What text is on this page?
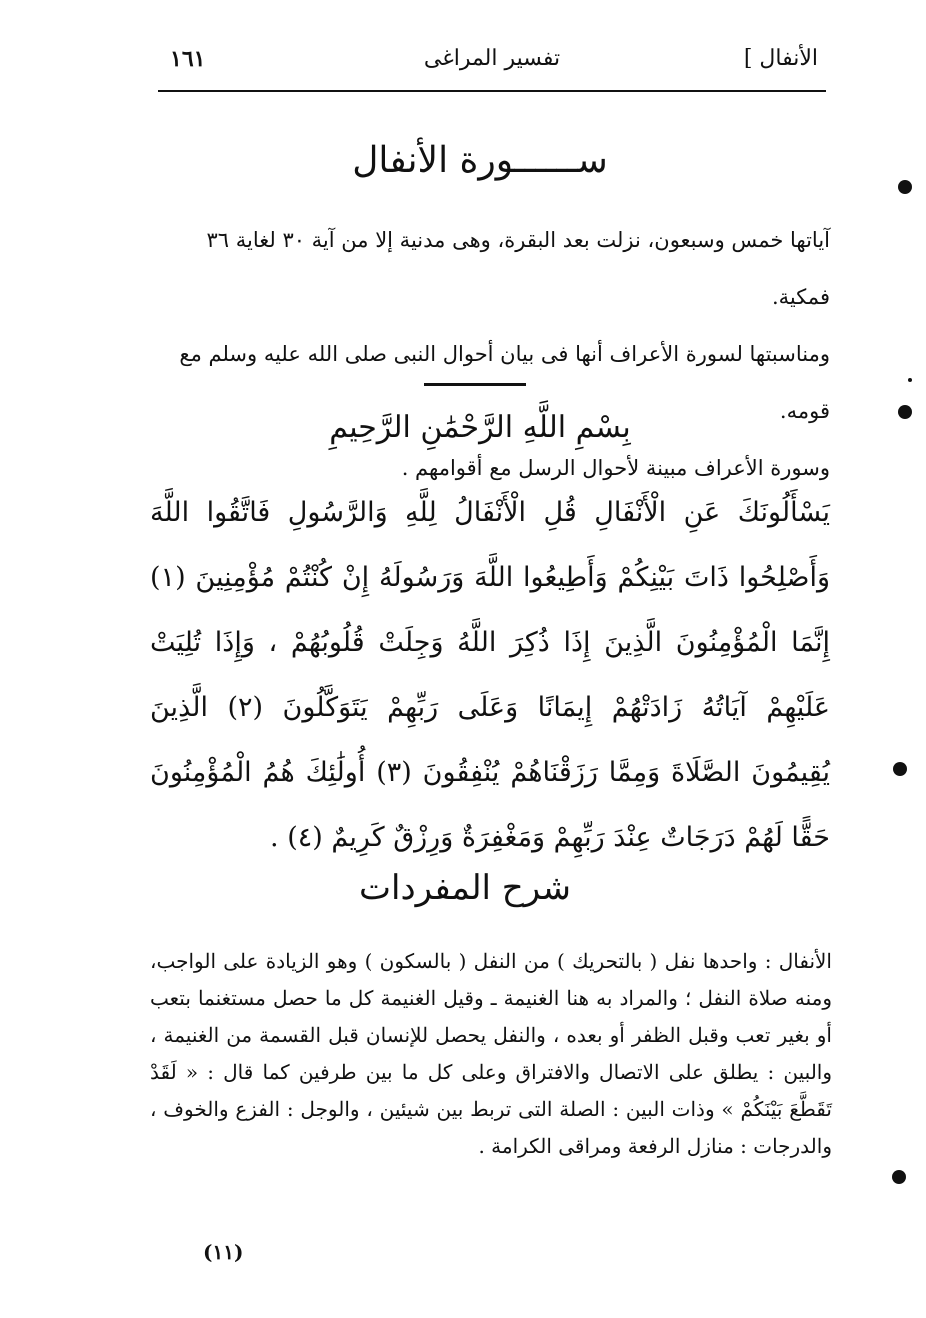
الأنفال ]
تفسير المراغى
١٦١
ســــــورة الأنفال
آياتها خمس وسبعون، نزلت بعد البقرة، وهى مدنية إلا من آية ٣٠ لغاية ٣٦ فمكية.
ومناسبتها لسورة الأعراف أنها فى بيان أحوال النبى صلى الله عليه وسلم مع قومه.
وسورة الأعراف مبينة لأحوال الرسل مع أقوامهم .
بِسْمِ اللَّهِ الرَّحْمَٰنِ الرَّحِيمِ
يَسْأَلُونَكَ عَنِ الْأَنْفَالِ قُلِ الْأَنْفَالُ لِلَّهِ وَالرَّسُولِ فَاتَّقُوا اللَّهَ وَأَصْلِحُوا ذَاتَ بَيْنِكُمْ وَأَطِيعُوا اللَّهَ وَرَسُولَهُ إِنْ كُنْتُمْ مُؤْمِنِينَ (١) إِنَّمَا الْمُؤْمِنُونَ الَّذِينَ إِذَا ذُكِرَ اللَّهُ وَجِلَتْ قُلُوبُهُمْ ، وَإِذَا تُلِيَتْ عَلَيْهِمْ آيَاتُهُ زَادَتْهُمْ إِيمَانًا وَعَلَى رَبِّهِمْ يَتَوَكَّلُونَ (٢) الَّذِينَ يُقِيمُونَ الصَّلَاةَ وَمِمَّا رَزَقْنَاهُمْ يُنْفِقُونَ (٣) أُولَٰئِكَ هُمُ الْمُؤْمِنُونَ حَقًّا لَهُمْ دَرَجَاتٌ عِنْدَ رَبِّهِمْ وَمَغْفِرَةٌ وَرِزْقٌ كَرِيمٌ (٤) .
شرح المفردات
الأنفال : واحدها نفل ( بالتحريك ) من النفل ( بالسكون ) وهو الزيادة على الواجب، ومنه صلاة النفل ؛ والمراد به هنا الغنيمة ـ وقيل الغنيمة كل ما حصل مستغنما بتعب أو بغير تعب وقبل الظفر أو بعده ، والنفل يحصل للإنسان قبل القسمة من الغنيمة ، والبين : يطلق على الاتصال والافتراق وعلى كل ما بين طرفين كما قال : « لَقَدْ تَقَطَّعَ بَيْنَكُمْ » وذات البين : الصلة التى تربط بين شيئين ، والوجل : الفزع والخوف ، والدرجات : منازل الرفعة ومراقى الكرامة .
(١١)
